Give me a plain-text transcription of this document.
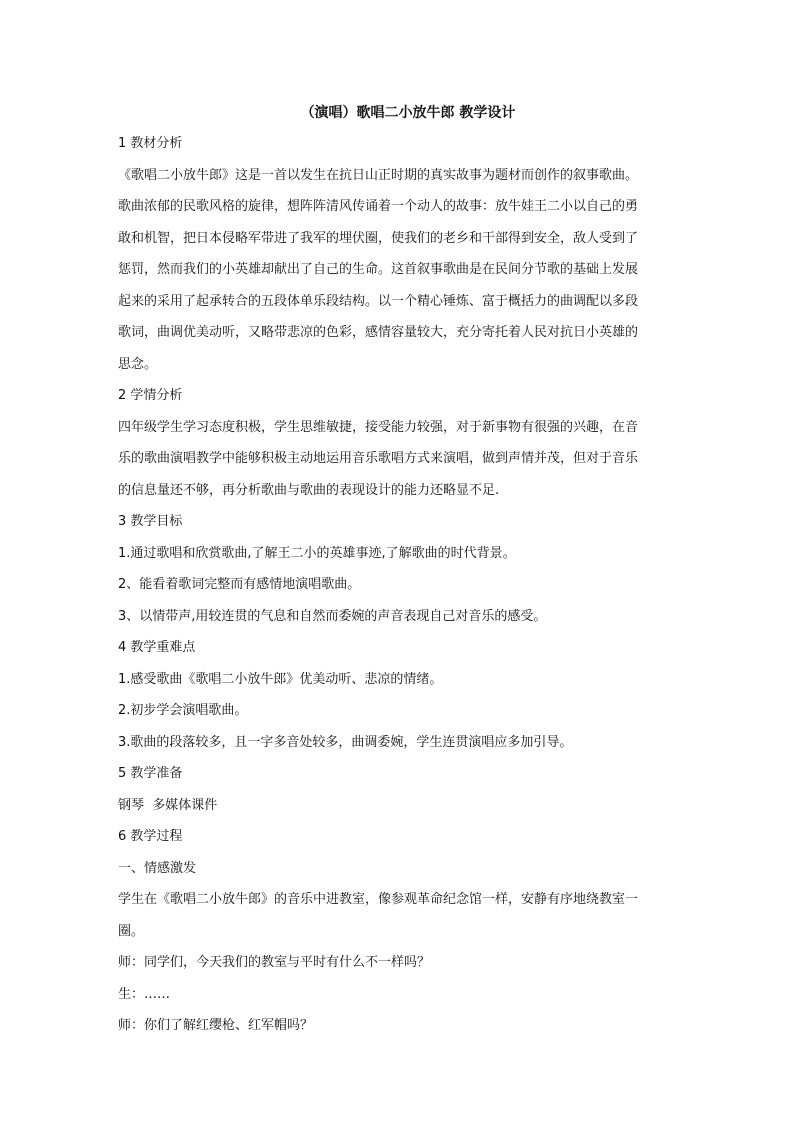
（演唱）歌唱二小放牛郎 教学设计

1 教材分析

《歌唱二小放牛郎》这是一首以发生在抗日山正时期的真实故事为题材而创作的叙事歌曲。

歌曲浓郁的民歌风格的旋律，想阵阵清风传诵着一个动人的故事：放牛娃王二小以自己的勇

敢和机智，把日本侵略军带进了我军的埋伏圈，使我们的老乡和干部得到安全，敌人受到了

惩罚，然而我们的小英雄却献出了自己的生命。这首叙事歌曲是在民间分节歌的基础上发展

起来的采用了起承转合的五段体单乐段结构。以一个精心锤炼、富于概括力的曲调配以多段

歌词，曲调优美动听，又略带悲凉的色彩，感情容量较大，充分寄托着人民对抗日小英雄的

思念。

2 学情分析

四年级学生学习态度积极，学生思维敏捷，接受能力较强，对于新事物有很强的兴趣，在音

乐的歌曲演唱教学中能够积极主动地运用音乐歌唱方式来演唱，做到声情并茂，但对于音乐

的信息量还不够，再分析歌曲与歌曲的表现设计的能力还略显不足.

3 教学目标

1.通过歌唱和欣赏歌曲,了解王二小的英雄事迹,了解歌曲的时代背景。

2、能看着歌词完整而有感情地演唱歌曲。

3、以情带声,用较连贯的气息和自然而委婉的声音表现自己对音乐的感受。

4 教学重难点

1.感受歌曲《歌唱二小放牛郎》优美动听、悲凉的情绪。

2.初步学会演唱歌曲。

3.歌曲的段落较多，且一字多音处较多，曲调委婉，学生连贯演唱应多加引导。

5 教学准备

钢琴  多媒体课件

6 教学过程

一、情感激发

学生在《歌唱二小放牛郎》的音乐中进教室，像参观革命纪念馆一样，安静有序地绕教室一

圈。

师：同学们，今天我们的教室与平时有什么不一样吗？

生：……

师：你们了解红缨枪、红军帽吗？
